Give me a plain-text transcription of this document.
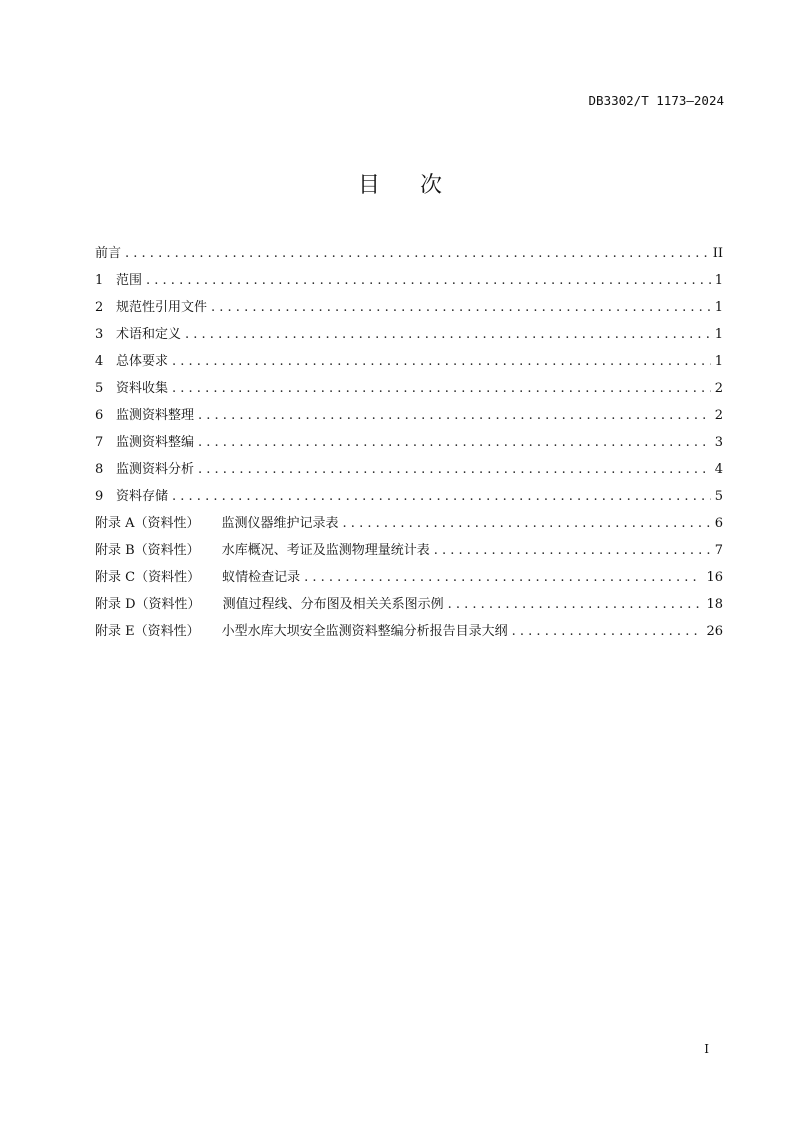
DB3302/T 1173—2024
目次
前言 . . .	II
1 范围 . . .	1
2 规范性引用文件 . . .	1
3 术语和定义 . . .	1
4 总体要求 . . .	1
5 资料收集 . . .	2
6 监测资料整理 . . .	2
7 监测资料整编 . . .	3
8 监测资料分析 . . .	4
9 资料存储 . . .	5
附录 A（资料性） 监测仪器维护记录表 . . .	6
附录 B（资料性） 水库概况、考证及监测物理量统计表 . . .	7
附录 C（资料性） 蚁情检查记录 . . .	16
附录 D（资料性） 测值过程线、分布图及相关关系图示例 . . .	18
附录 E（资料性） 小型水库大坝安全监测资料整编分析报告目录大纲 . . .	26
I
